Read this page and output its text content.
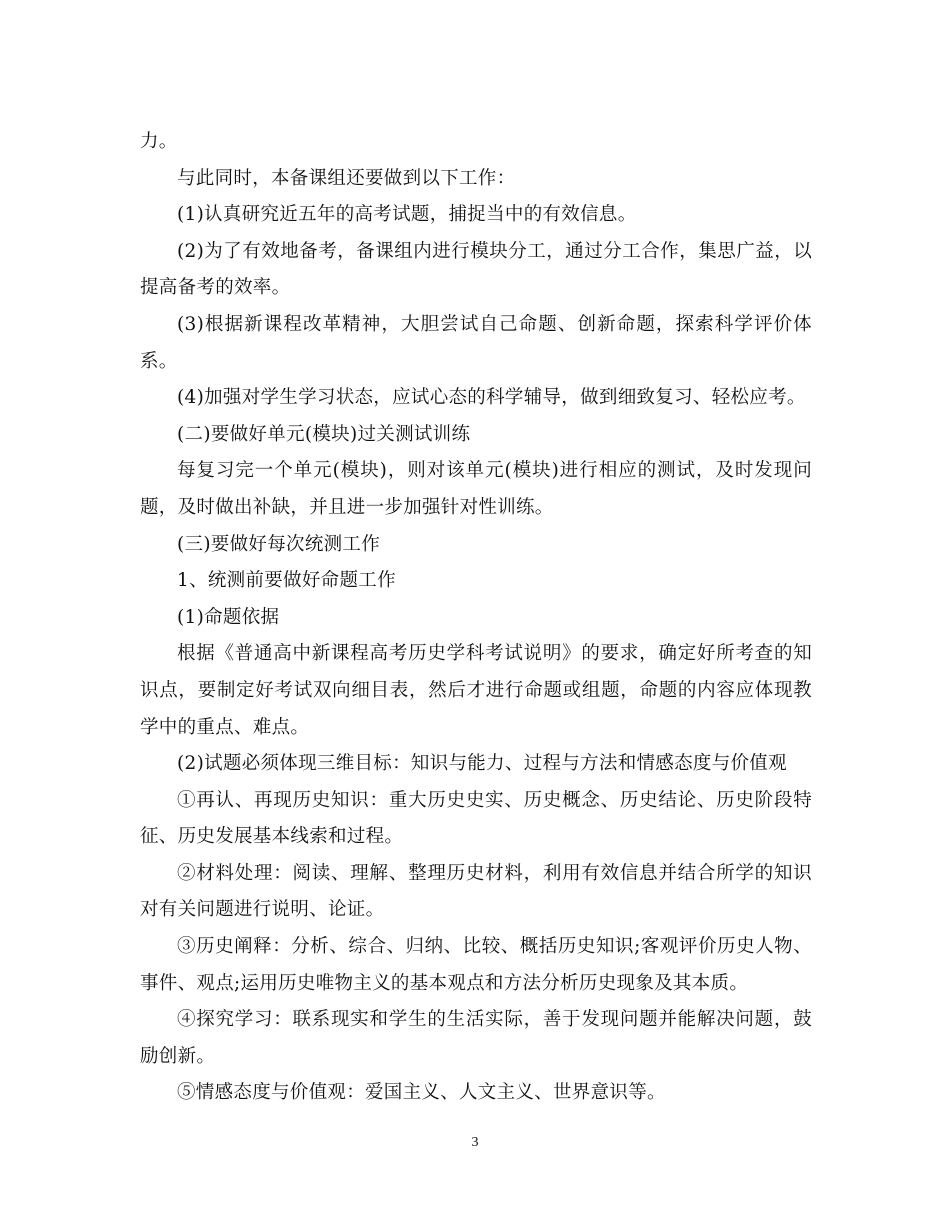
力。

与此同时，本备课组还要做到以下工作：

(1)认真研究近五年的高考试题，捕捉当中的有效信息。

(2)为了有效地备考，备课组内进行模块分工，通过分工合作，集思广益，以提高备考的效率。

(3)根据新课程改革精神，大胆尝试自己命题、创新命题，探索科学评价体系。

(4)加强对学生学习状态，应试心态的科学辅导，做到细致复习、轻松应考。

(二)要做好单元(模块)过关测试训练

每复习完一个单元(模块)，则对该单元(模块)进行相应的测试，及时发现问题，及时做出补缺，并且进一步加强针对性训练。

(三)要做好每次统测工作

1、统测前要做好命题工作

(1)命题依据

根据《普通高中新课程高考历史学科考试说明》的要求，确定好所考查的知识点，要制定好考试双向细目表，然后才进行命题或组题，命题的内容应体现教学中的重点、难点。

(2)试题必须体现三维目标：知识与能力、过程与方法和情感态度与价值观

①再认、再现历史知识：重大历史史实、历史概念、历史结论、历史阶段特征、历史发展基本线索和过程。

②材料处理：阅读、理解、整理历史材料，利用有效信息并结合所学的知识对有关问题进行说明、论证。

③历史阐释：分析、综合、归纳、比较、概括历史知识;客观评价历史人物、事件、观点;运用历史唯物主义的基本观点和方法分析历史现象及其本质。

④探究学习：联系现实和学生的生活实际，善于发现问题并能解决问题，鼓励创新。

⑤情感态度与价值观：爱国主义、人文主义、世界意识等。

3
